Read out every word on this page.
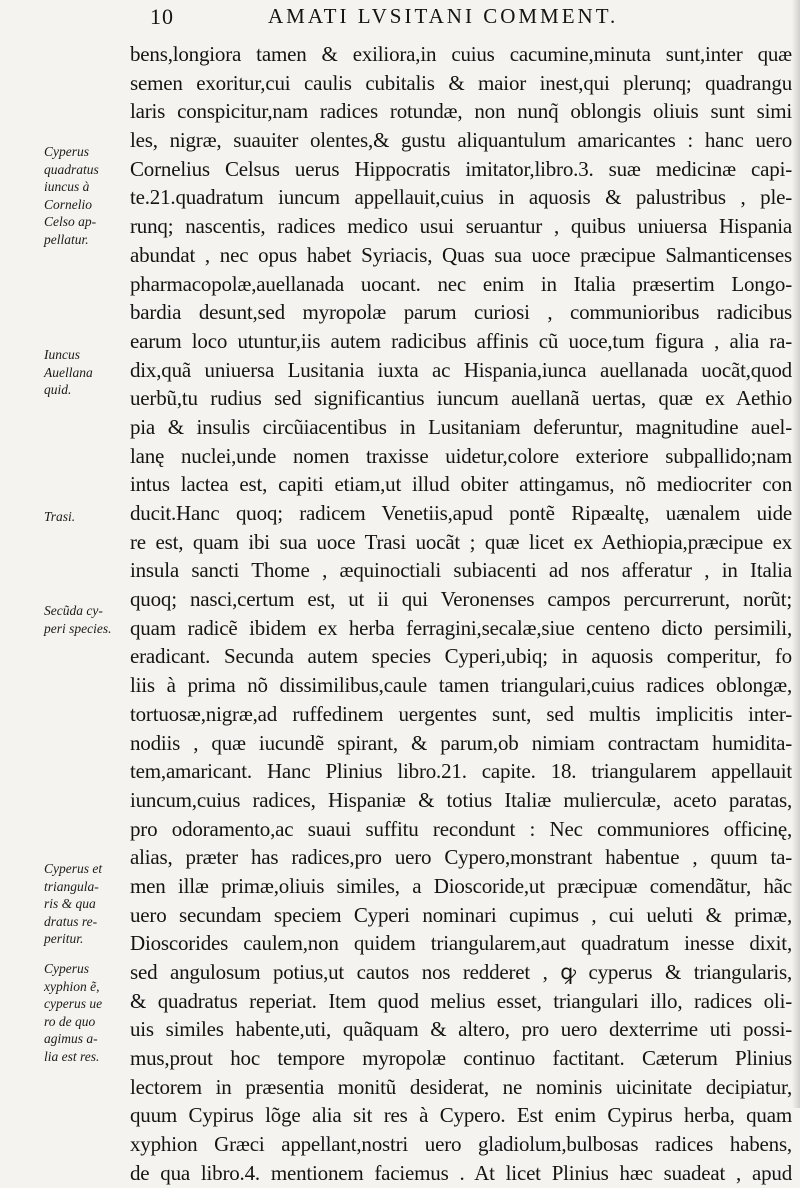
10	AMATI LVSITANI COMMENT.
Cyperus
quadratus
iuncus à
Cornelio
Celso ap-
pellatur.
Iuncus
Auellana
quid.
Trasi.
Secũda cy-
peri species.
Cyperus et
triangula-
ris & qua
dratus re-
peritur.
Cyperus
xyphion ẽ,
cyperus ue
ro de quo
agimus a-
lia est res.
bens,longiora tamen & exiliora,in cuius cacumine,minuta sunt,inter quæ
semen exoritur,cui caulis cubitalis & maior inest,qui plerunq; quadrangu
laris conspicitur,nam radices rotundæ, non nunq̃ oblongis oliuis sunt simi
les, nigræ, suauiter olentes,& gustu aliquantulum amaricantes : hanc uero
Cornelius Celsus uerus Hippocratis imitator,libro.3. suæ medicinæ capi-
te.21.quadratum iuncum appellauit,cuius in aquosis & palustribus , ple-
runq; nascentis, radices medico usui seruantur , quibus uniuersa Hispania
abundat , nec opus habet Syriacis, Quas sua uoce præcipue Salmanticenses
pharmacopolæ,auellanada uocant. nec enim in Italia præsertim Longo-
bardia desunt,sed myropolæ parum curiosi , communioribus radicibus
earum loco utuntur,iis autem radicibus affinis cũ uoce,tum figura , alia ra-
dix,quã uniuersa Lusitania iuxta ac Hispania,iunca auellanada uocãt,quod
uerbũ,tu rudius sed significantius iuncum auellanã uertas, quæ ex Aethio
pia & insulis circũiacentibus in Lusitaniam deferuntur, magnitudine auel-
lanę nuclei,unde nomen traxisse uidetur,colore exteriore subpallido;nam
intus lactea est, capiti etiam,ut illud obiter attingamus, nõ mediocriter con
ducit.Hanc quoq; radicem Venetiis,apud pontẽ Ripæaltę, uænalem uide
re est, quam ibi sua uoce Trasi uocãt ; quæ licet ex Aethiopia,præcipue ex
insula sancti Thome , æquinoctiali subiacenti ad nos afferatur , in Italia
quoq; nasci,certum est, ut ii qui Veronenses campos percurrerunt, norũt;
quam radicẽ ibidem ex herba ferragini,secalæ,siue centeno dicto persimili,
eradicant. Secunda autem species Cyperi,ubiq; in aquosis comperitur, fo
liis à prima nõ dissimilibus,caule tamen triangulari,cuius radices oblongæ,
tortuosæ,nigræ,ad ruffedinem uergentes sunt, sed multis implicitis inter-
nodiis , quæ iucundẽ spirant, & parum,ob nimiam contractam humidita-
tem,amaricant. Hanc Plinius libro.21. capite. 18. triangularem appellauit
iuncum,cuius radices, Hispaniæ & totius Italiæ mulierculæ, aceto paratas,
pro odoramento,ac suaui suffitu recondunt : Nec communiores officinę,
alias, præter has radices,pro uero Cypero,monstrant habentue , quum ta-
men illæ primæ,oliuis similes, a Dioscoride,ut præcipuæ comendãtur, hãc
uero secundam speciem Cyperi nominari cupimus , cui ueluti & primæ,
Dioscorides caulem,non quidem triangularem,aut quadratum inesse dixit,
sed angulosum potius,ut cautos nos redderet , ꝙ cyperus & triangularis,
& quadratus reperiat. Item quod melius esset, triangulari illo, radices oli-
uis similes habente,uti, quãquam & altero, pro uero dexterrime uti possi-
mus,prout hoc tempore myropolæ continuo factitant. Cæterum Plinius
lectorem in præsentia monitũ desiderat, ne nominis uicinitate decipiatur,
quum Cypirus lõge alia sit res à Cypero. Est enim Cypirus herba, quam
xyphion Græci appellant,nostri uero gladiolum,bulbosas radices habens,
de qua libro.4. mentionem faciemus . At licet Plinius hæc suadeat , apud
